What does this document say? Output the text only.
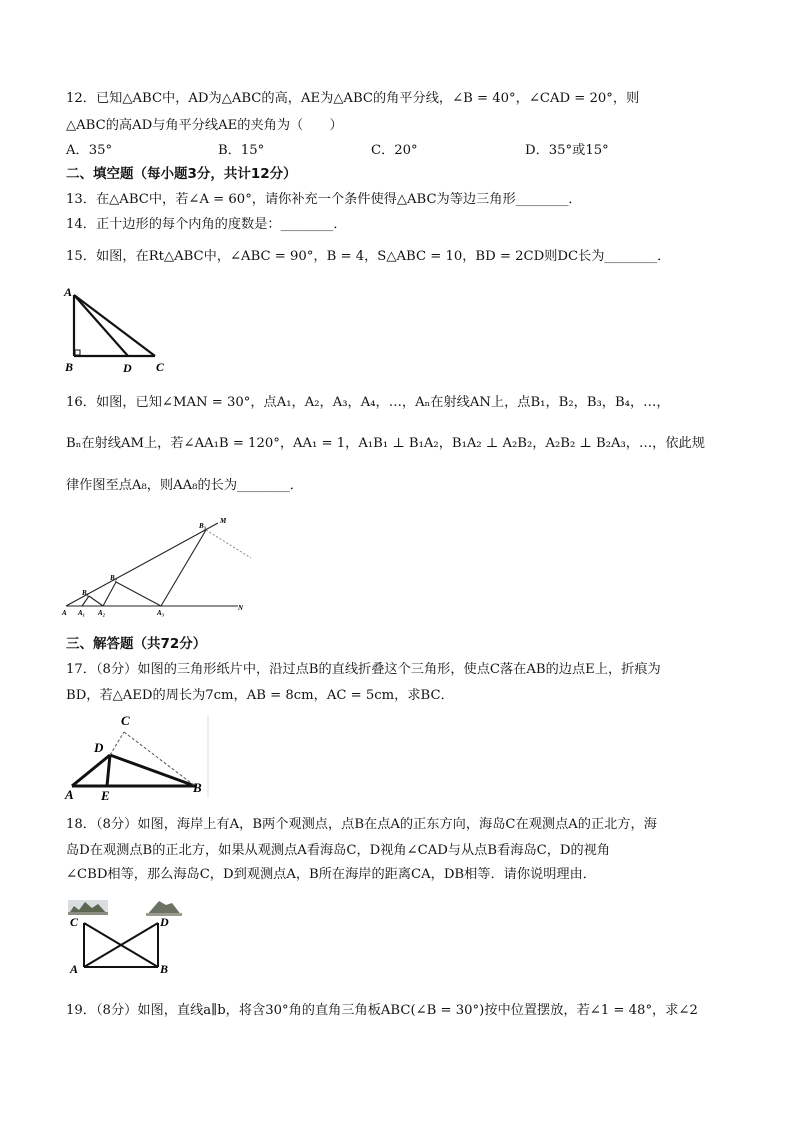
12．已知△ABC中，AD为△ABC的高，AE为△ABC的角平分线，∠B = 40°，∠CAD = 20°，则
△ABC的高AD与角平分线AE的夹角为（　　）
A．35°	B．15°	C．20°	D．35°或15°
二、填空题（每小题3分，共计12分）
13．在△ABC中，若∠A = 60°，请你补充一个条件使得△ABC为等边三角形________．
14．正十边形的每个内角的度数是：________．
15．如图，在Rt△ABC中，∠ABC = 90°，B = 4，S△ABC = 10，BD = 2CD则DC长为________．
A
B	D C
16．如图，已知∠MAN = 30°，点A₁，A₂，A₃，A₄，…，Aₙ在射线AN上，点B₁，B₂，B₃，B₄，…，
Bₙ在射线AM上，若∠AA₁B = 120°，AA₁ = 1，A₁B₁ ⊥ B₁A₂，B₁A₂ ⊥ A₂B₂，A₂B₂ ⊥ B₂A₃，…，依此规
律作图至点A₈，则AA₈的长为________．
A A₁ A₂	A₃
N
B₁
B₂
B₃
M
三、解答题（共72分）
17．（8分）如图的三角形纸片中，沿过点B的直线折叠这个三角形，使点C落在AB的边点E上，折痕为
BD，若△AED的周长为7cm，AB = 8cm，AC = 5cm，求BC．
C
D
A E
B
18．（8分）如图，海岸上有A，B两个观测点，点B在点A的正东方向，海岛C在观测点A的正北方，海
岛D在观测点B的正北方，如果从观测点A看海岛C，D视角∠CAD与从点B看海岛C，D的视角
∠CBD相等，那么海岛C，D到观测点A，B所在海岸的距离CA，DB相等．请你说明理由．
C	D
A	B
19．（8分）如图，直线a∥b，将含30°角的直角三角板ABC(∠B = 30°)按中位置摆放，若∠1 = 48°，求∠2
